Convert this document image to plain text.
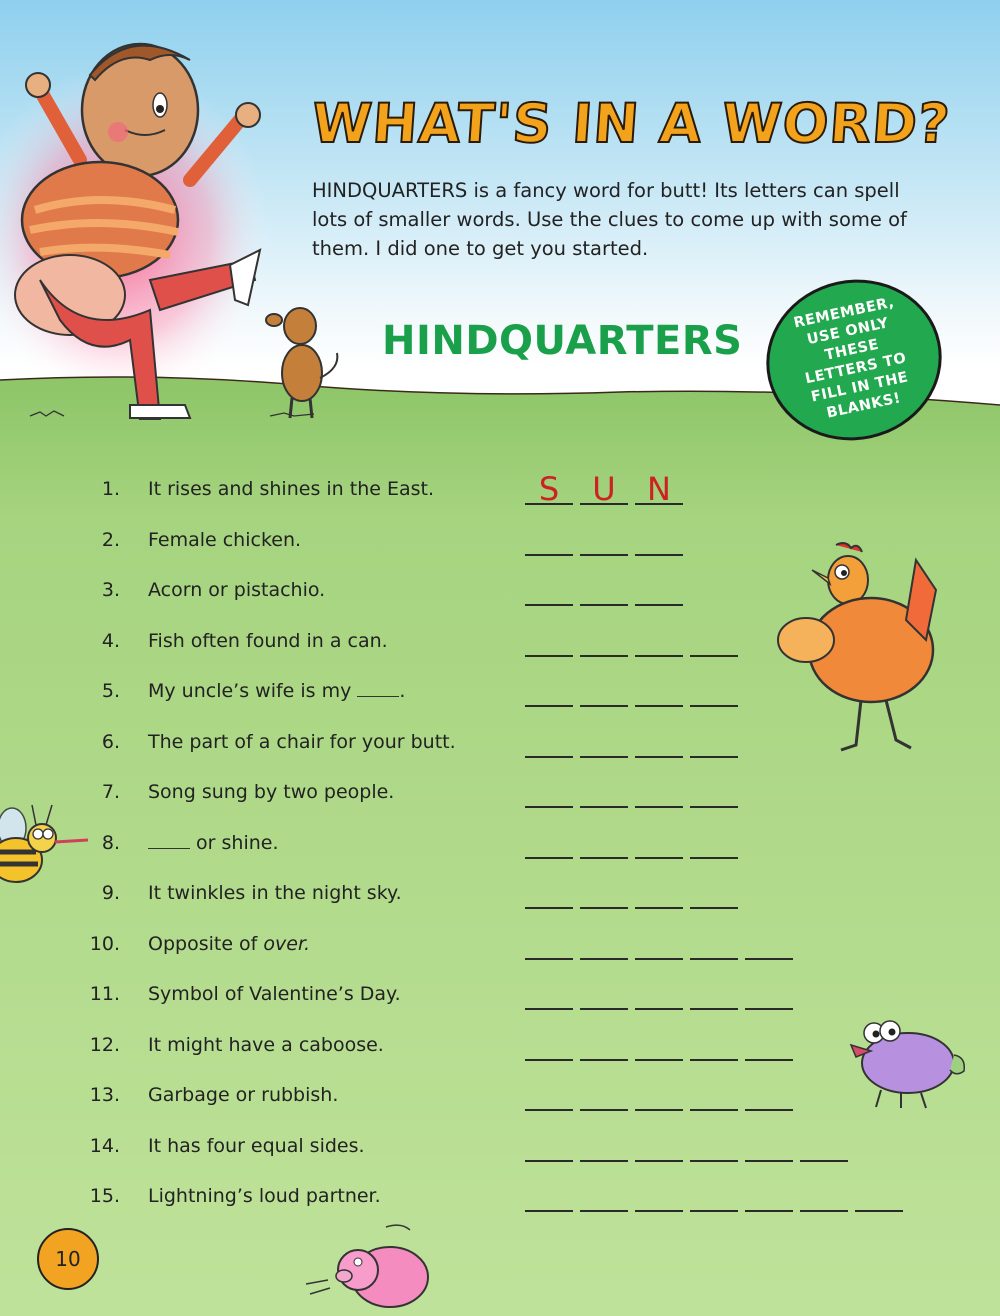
WHAT'S IN A WORD?
HINDQUARTERS is a fancy word for butt! Its letters can spell lots of smaller words. Use the clues to come up with some of them. I did one to get you started.
HINDQUARTERS
REMEMBER, USE ONLY THESE LETTERS TO FILL IN THE BLANKS!
1. It rises and shines in the East.	S	U N
2. Female chicken.
3. Acorn or pistachio.
4. Fish often found in a can.
5. My uncle’s wife is my .
6. The part of a chair for your butt.
7. Song sung by two people.
8.	or shine.
9. It twinkles in the night sky.
10. Opposite of over.
11. Symbol of Valentine’s Day.
12. It might have a caboose.
13. Garbage or rubbish.
14. It has four equal sides.
15. Lightning’s loud partner.
10
